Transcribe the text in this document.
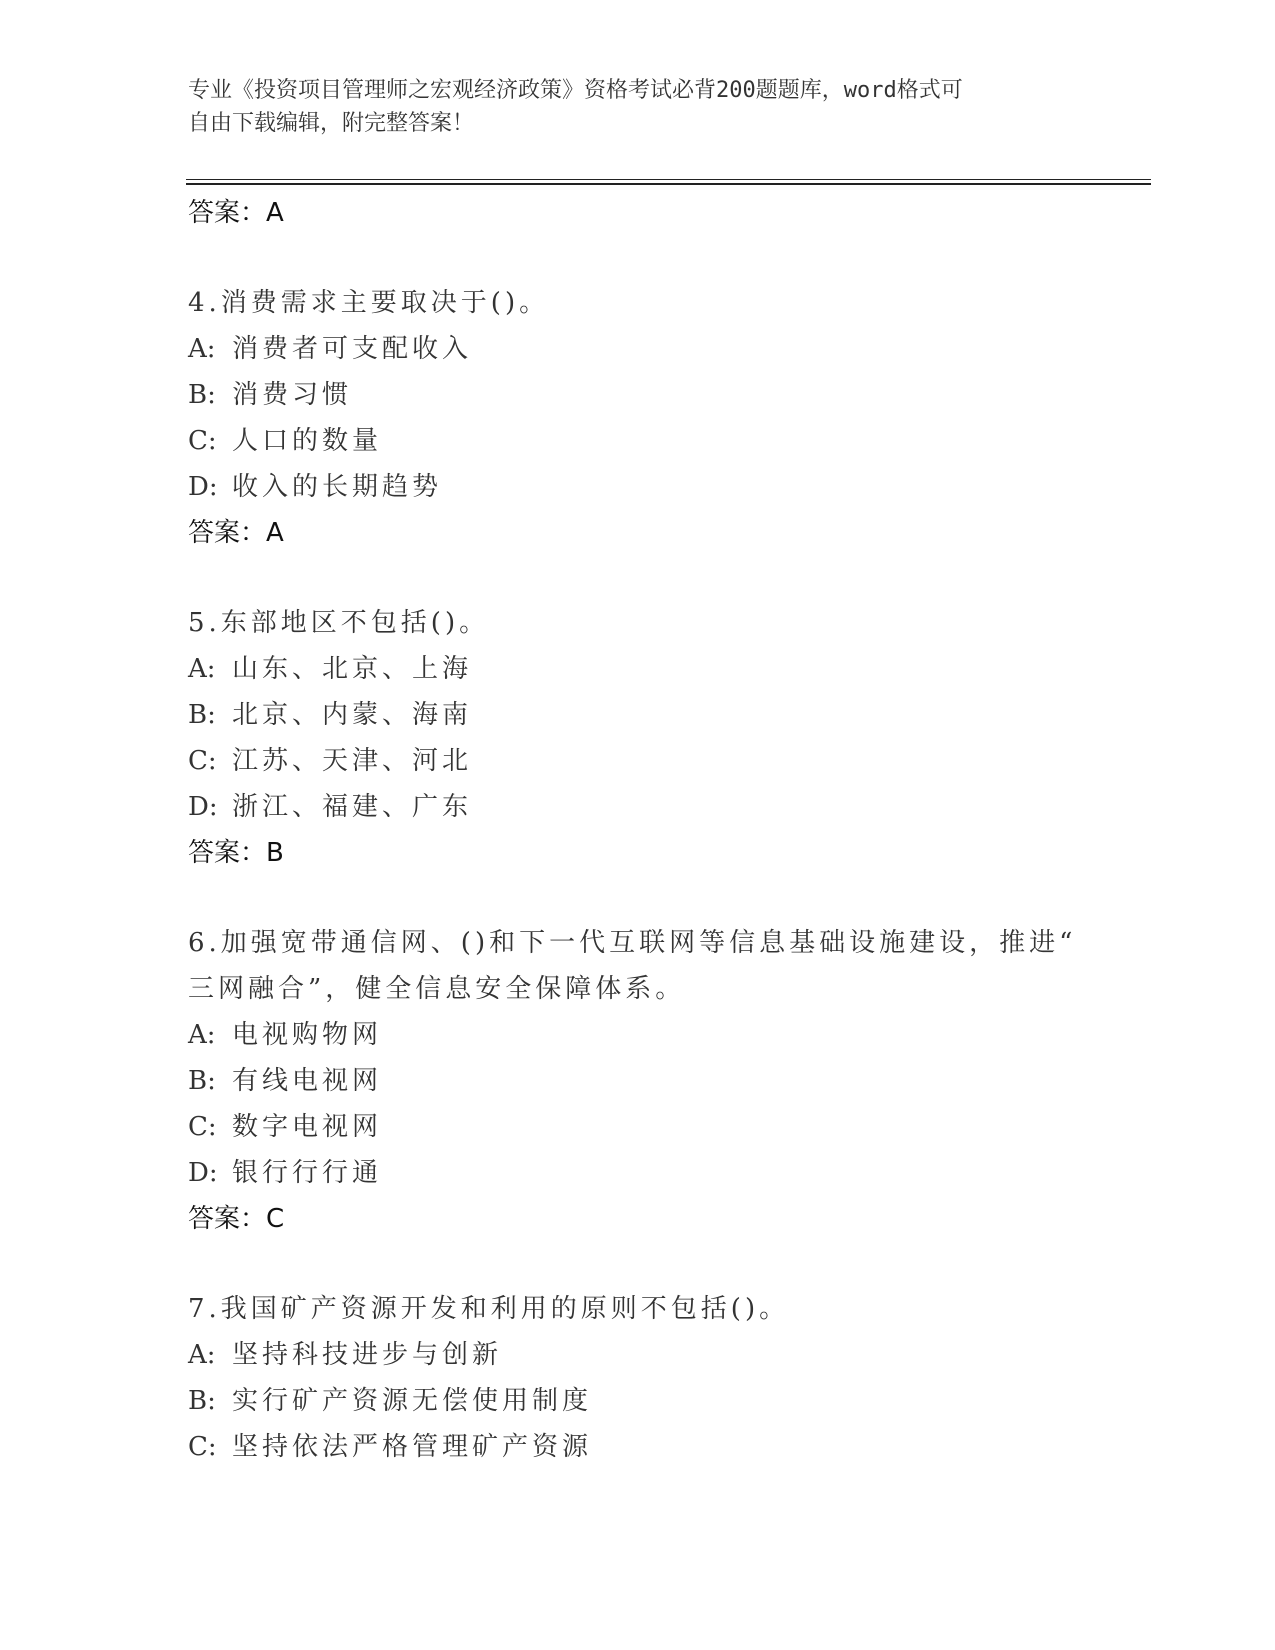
专业《投资项目管理师之宏观经济政策》资格考试必背200题题库，word格式可
自由下载编辑，附完整答案！
答案：A
4.消费需求主要取决于()。
A: 消费者可支配收入
B: 消费习惯
C: 人口的数量
D: 收入的长期趋势
答案：A
5.东部地区不包括()。
A: 山东、北京、上海
B: 北京、内蒙、海南
C: 江苏、天津、河北
D: 浙江、福建、广东
答案：B
6.加强宽带通信网、()和下一代互联网等信息基础设施建设，推进“
三网融合”，健全信息安全保障体系。
A: 电视购物网
B: 有线电视网
C: 数字电视网
D: 银行行行通
答案：C
7.我国矿产资源开发和利用的原则不包括()。
A: 坚持科技进步与创新
B: 实行矿产资源无偿使用制度
C: 坚持依法严格管理矿产资源
